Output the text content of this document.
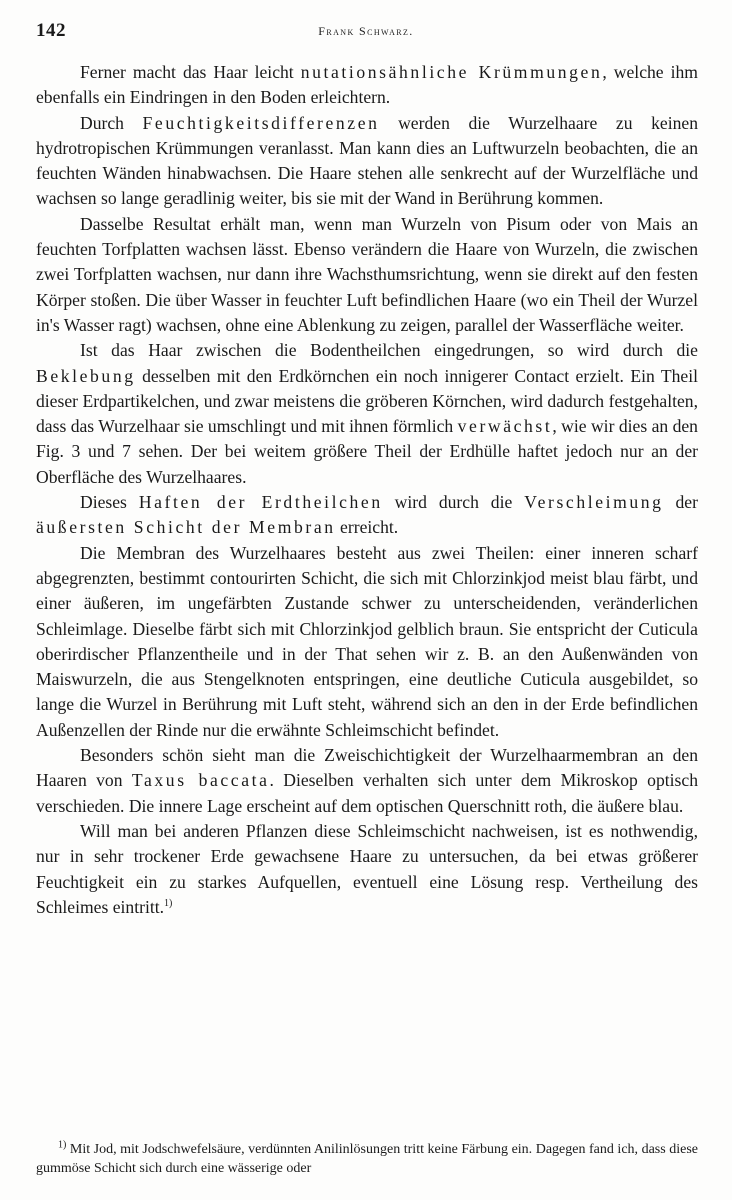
142	Frank Schwarz.

Ferner macht das Haar leicht nutationsähnliche Krümmungen, welche ihm ebenfalls ein Eindringen in den Boden erleichtern.

Durch Feuchtigkeitsdifferenzen werden die Wurzelhaare zu keinen hydrotropischen Krümmungen veranlasst. Man kann dies an Luftwurzeln beobachten, die an feuchten Wänden hinabwachsen. Die Haare stehen alle senkrecht auf der Wurzelfläche und wachsen so lange geradlinig weiter, bis sie mit der Wand in Berührung kommen.

Dasselbe Resultat erhält man, wenn man Wurzeln von Pisum oder von Mais an feuchten Torfplatten wachsen lässt. Ebenso verändern die Haare von Wurzeln, die zwischen zwei Torfplatten wachsen, nur dann ihre Wachsthumsrichtung, wenn sie direkt auf den festen Körper stoßen. Die über Wasser in feuchter Luft befindlichen Haare (wo ein Theil der Wurzel in's Wasser ragt) wachsen, ohne eine Ablenkung zu zeigen, parallel der Wasserfläche weiter.

Ist das Haar zwischen die Bodentheilchen eingedrungen, so wird durch die Beklebung desselben mit den Erdkörnchen ein noch innigerer Contact erzielt. Ein Theil dieser Erdpartikelchen, und zwar meistens die gröberen Körnchen, wird dadurch festgehalten, dass das Wurzelhaar sie umschlingt und mit ihnen förmlich verwächst, wie wir dies an den Fig. 3 und 7 sehen. Der bei weitem größere Theil der Erdhülle haftet jedoch nur an der Oberfläche des Wurzelhaares.

Dieses Haften der Erdtheilchen wird durch die Verschleimung der äußersten Schicht der Membran erreicht.

Die Membran des Wurzelhaares besteht aus zwei Theilen: einer inneren scharf abgegrenzten, bestimmt contourirten Schicht, die sich mit Chlorzinkjod meist blau färbt, und einer äußeren, im ungefärbten Zustande schwer zu unterscheidenden, veränderlichen Schleimlage. Dieselbe färbt sich mit Chlorzinkjod gelblich braun. Sie entspricht der Cuticula oberirdischer Pflanzentheile und in der That sehen wir z. B. an den Außenwänden von Maiswurzeln, die aus Stengelknoten entspringen, eine deutliche Cuticula ausgebildet, so lange die Wurzel in Berührung mit Luft steht, während sich an den in der Erde befindlichen Außenzellen der Rinde nur die erwähnte Schleimschicht befindet.

Besonders schön sieht man die Zweischichtigkeit der Wurzelhaarmembran an den Haaren von Taxus baccata. Dieselben verhalten sich unter dem Mikroskop optisch verschieden. Die innere Lage erscheint auf dem optischen Querschnitt roth, die äußere blau.

Will man bei anderen Pflanzen diese Schleimschicht nachweisen, ist es nothwendig, nur in sehr trockener Erde gewachsene Haare zu untersuchen, da bei etwas größerer Feuchtigkeit ein zu starkes Aufquellen, eventuell eine Lösung resp. Vertheilung des Schleimes eintritt.$^{1)}$

$^{1)}$ Mit Jod, mit Jodschwefelsäure, verdünnten Anilinlösungen tritt keine Färbung ein. Dagegen fand ich, dass diese gummöse Schicht sich durch eine wässerige oder
